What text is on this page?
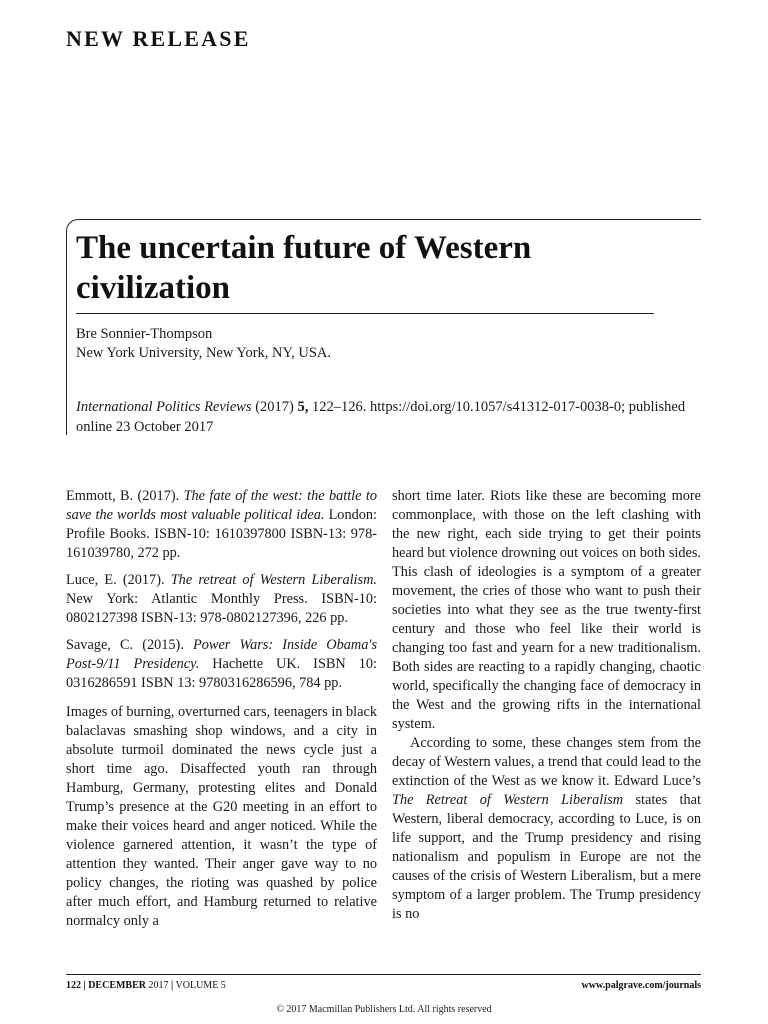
NEW RELEASE
The uncertain future of Western civilization

Bre Sonnier-Thompson

New York University, New York, NY, USA.

International Politics Reviews (2017) 5, 122–126. https://doi.org/10.1057/s41312-017-0038-0; published online 23 October 2017

Emmott, B. (2017). The fate of the west: the battle to save the worlds most valuable political idea. London: Profile Books. ISBN-10: 1610397800 ISBN-13: 978-161039780, 272 pp.

Luce, E. (2017). The retreat of Western Liberalism. New York: Atlantic Monthly Press. ISBN-10: 0802127398 ISBN-13: 978-0802127396, 226 pp.

Savage, C. (2015). Power Wars: Inside Obama's Post-9/11 Presidency. Hachette UK. ISBN 10: 0316286591 ISBN 13: 9780316286596, 784 pp.

Images of burning, overturned cars, teenagers in black balaclavas smashing shop windows, and a city in absolute turmoil dominated the news cycle just a short time ago. Disaffected youth ran through Hamburg, Germany, protesting elites and Donald Trump’s presence at the G20 meeting in an effort to make their voices heard and anger noticed. While the violence garnered attention, it wasn’t the type of attention they wanted. Their anger gave way to no policy changes, the rioting was quashed by police after much effort, and Hamburg returned to relative normalcy only a

short time later. Riots like these are becoming more commonplace, with those on the left clashing with the new right, each side trying to get their points heard but violence drowning out voices on both sides. This clash of ideologies is a symptom of a greater movement, the cries of those who want to push their societies into what they see as the true twenty-first century and those who feel like their world is changing too fast and yearn for a new traditionalism. Both sides are reacting to a rapidly changing, chaotic world, specifically the changing face of democracy in the West and the growing rifts in the international system.

According to some, these changes stem from the decay of Western values, a trend that could lead to the extinction of the West as we know it. Edward Luce’s The Retreat of Western Liberalism states that Western, liberal democracy, according to Luce, is on life support, and the Trump presidency and rising nationalism and populism in Europe are not the causes of the crisis of Western Liberalism, but a mere symptom of a larger problem. The Trump presidency is no

122 | DECEMBER 2017 | VOLUME 5	www.palgrave.com/journals

© 2017 Macmillan Publishers Ltd. All rights reserved
